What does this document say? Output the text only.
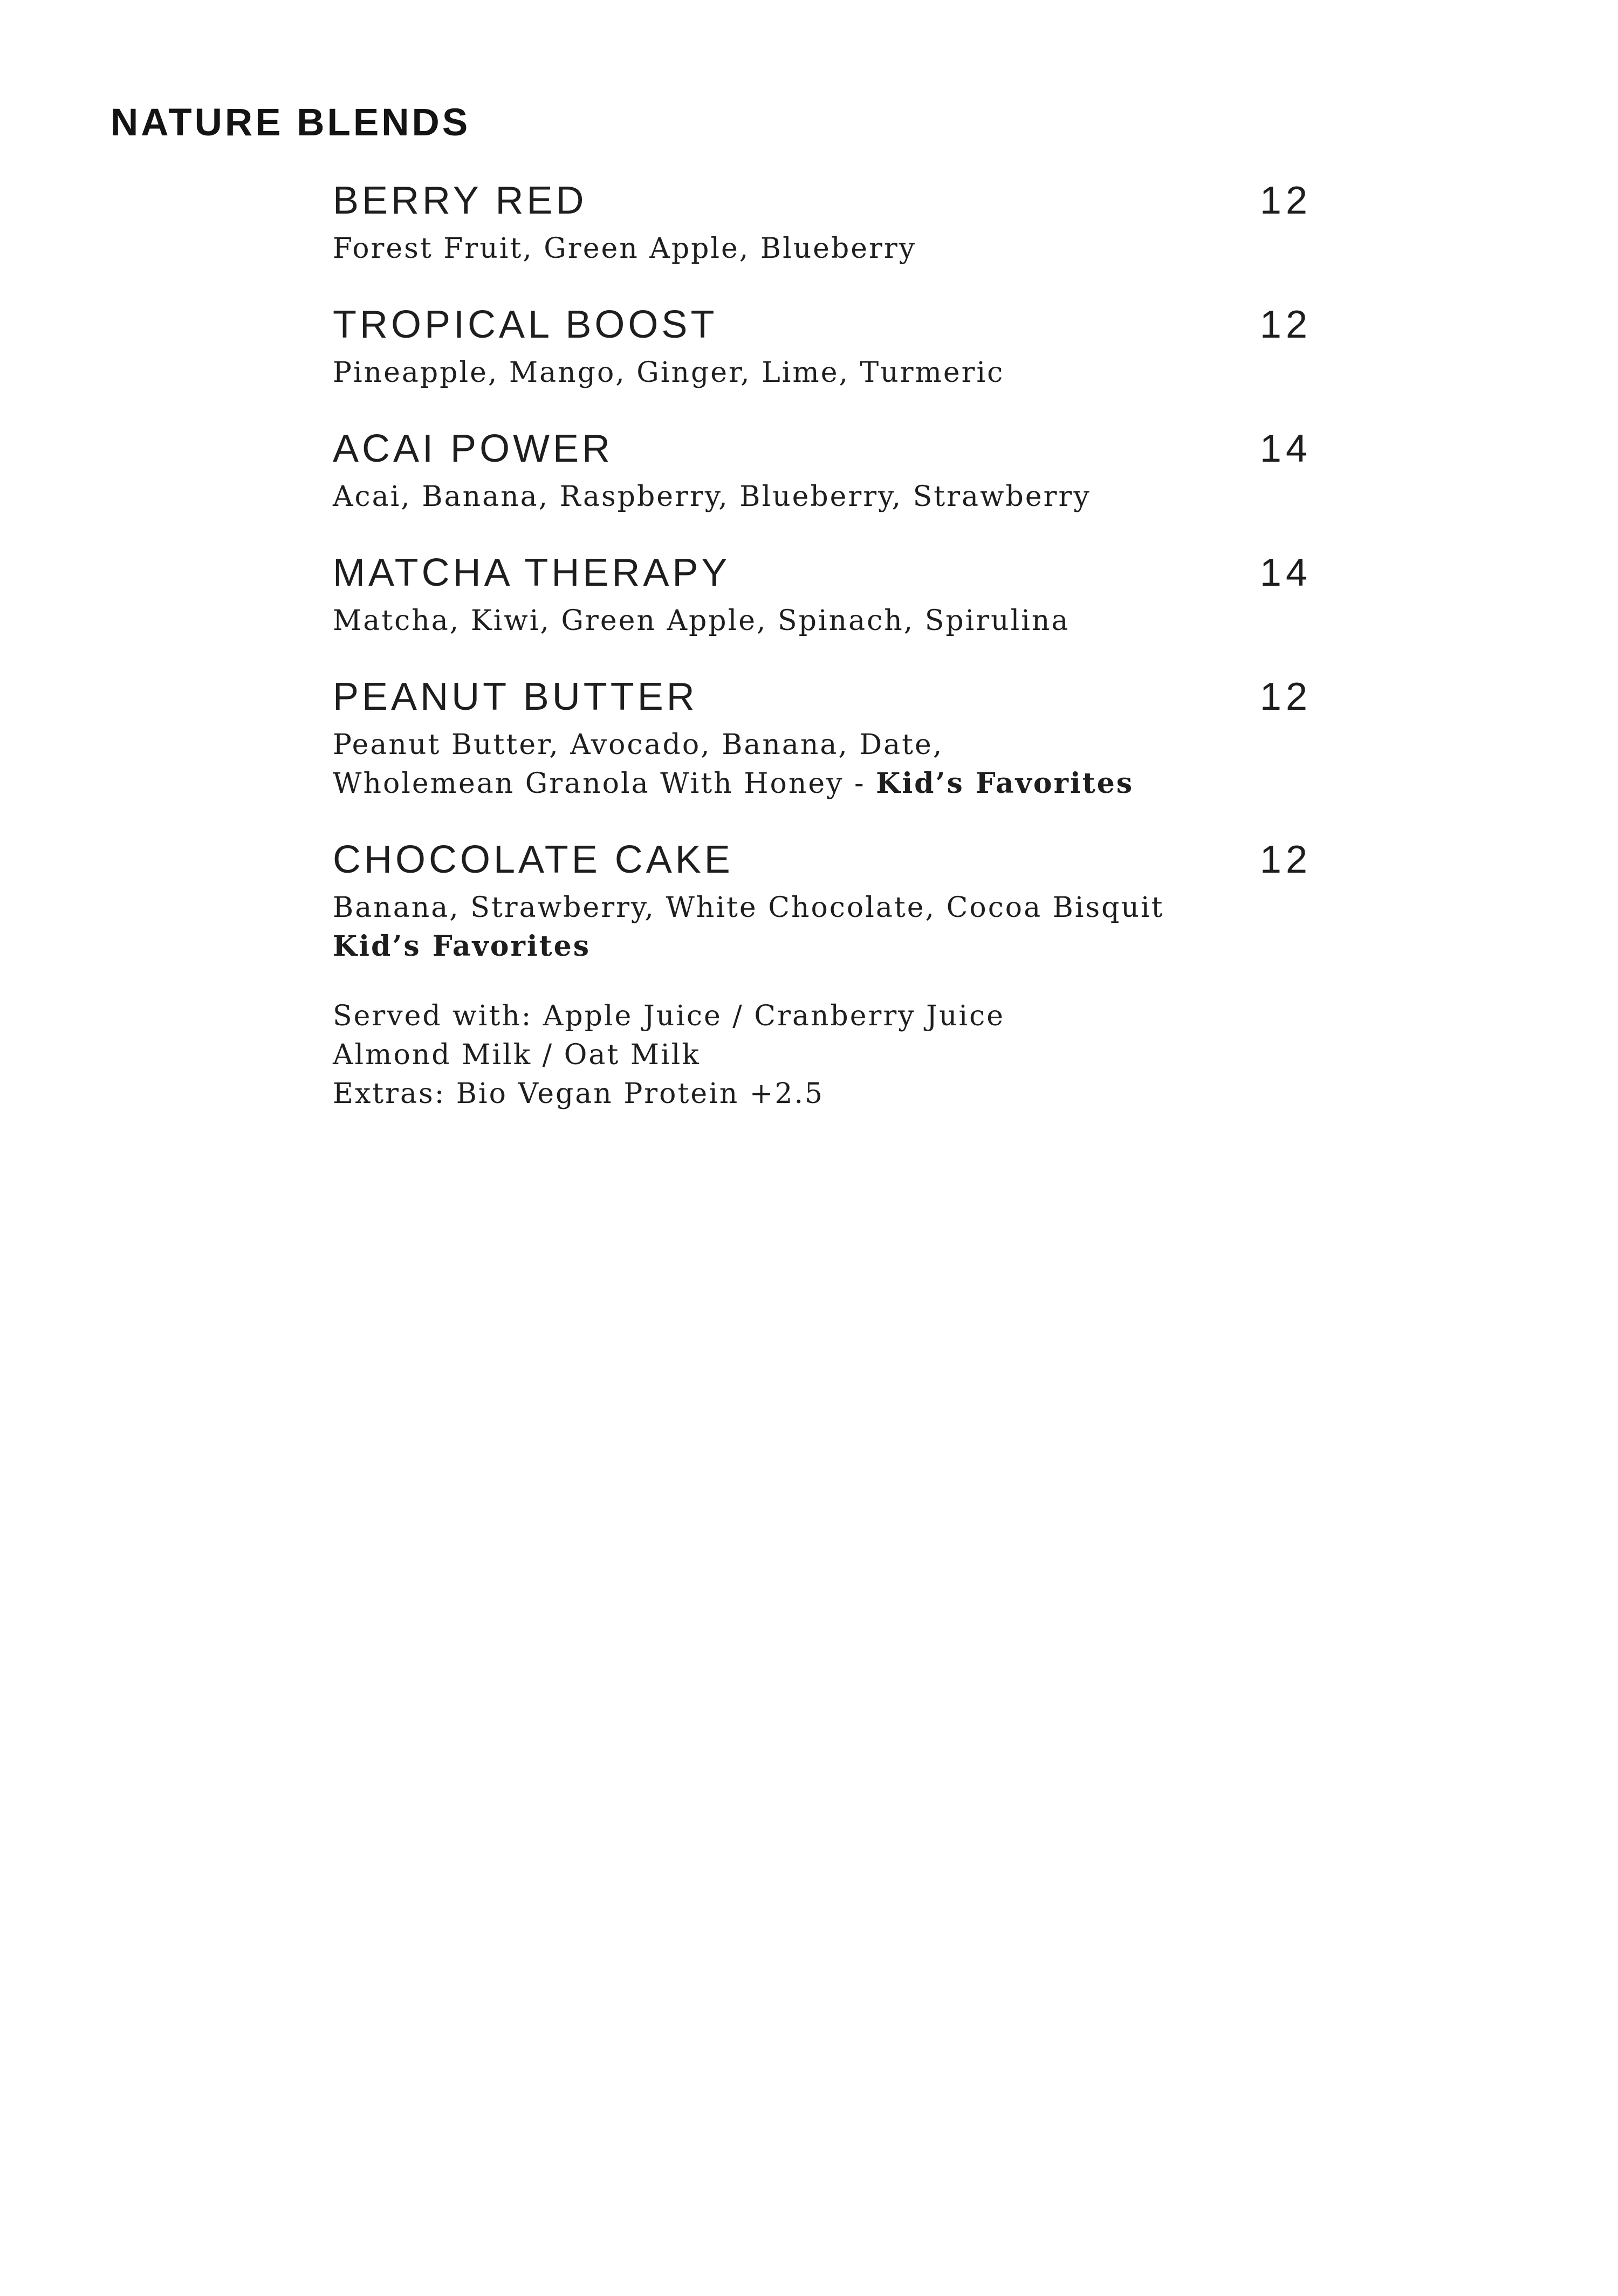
NATURE BLENDS
BERRY RED	12
Forest Fruit, Green Apple, Blueberry
TROPICAL BOOST	12
Pineapple, Mango, Ginger, Lime, Turmeric
ACAI POWER	14
Acai, Banana, Raspberry, Blueberry, Strawberry
MATCHA THERAPY	14
Matcha, Kiwi, Green Apple, Spinach, Spirulina
PEANUT BUTTER	12
Peanut Butter, Avocado, Banana, Date,
Wholemean Granola With Honey - Kid’s Favorites
CHOCOLATE CAKE	12
Banana, Strawberry, White Chocolate, Cocoa Bisquit
Kid’s Favorites
Served with: Apple Juice / Cranberry Juice
Almond Milk / Oat Milk
Extras: Bio Vegan Protein +2.5
